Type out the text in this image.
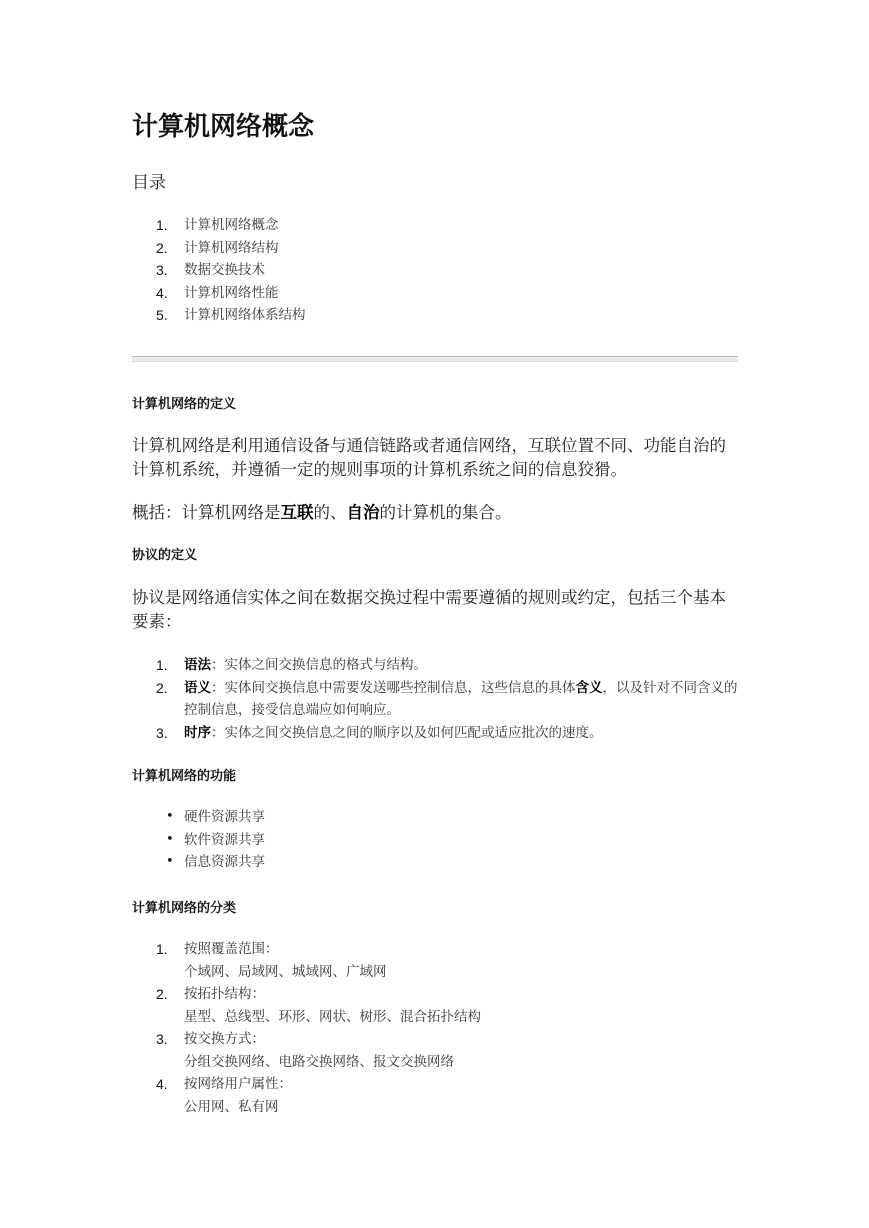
计算机网络概念
目录
1. 计算机网络概念
2. 计算机网络结构
3. 数据交换技术
4. 计算机网络性能
5. 计算机网络体系结构
计算机网络的定义

计算机网络是利用通信设备与通信链路或者通信网络，互联位置不同、功能自治的计算机系统，并遵循一定的规则事项的计算机系统之间的信息狡猾。

概括：计算机网络是互联的、自治的计算机的集合。

协议的定义

协议是网络通信实体之间在数据交换过程中需要遵循的规则或约定，包括三个基本要素：

1. 语法：实体之间交换信息的格式与结构。
2. 语义：实体间交换信息中需要发送哪些控制信息，这些信息的具体含义，以及针对不同含义的控制信息，接受信息端应如何响应。
3. 时序：实体之间交换信息之间的顺序以及如何匹配或适应批次的速度。
计算机网络的功能
• 硬件资源共享
• 软件资源共享
• 信息资源共享
计算机网络的分类
1. 按照覆盖范围：
个域网、局域网、城域网、广域网
2. 按拓扑结构：
星型、总线型、环形、网状、树形、混合拓扑结构
3. 按交换方式：
分组交换网络、电路交换网络、报文交换网络
4. 按网络用户属性：
公用网、私有网
